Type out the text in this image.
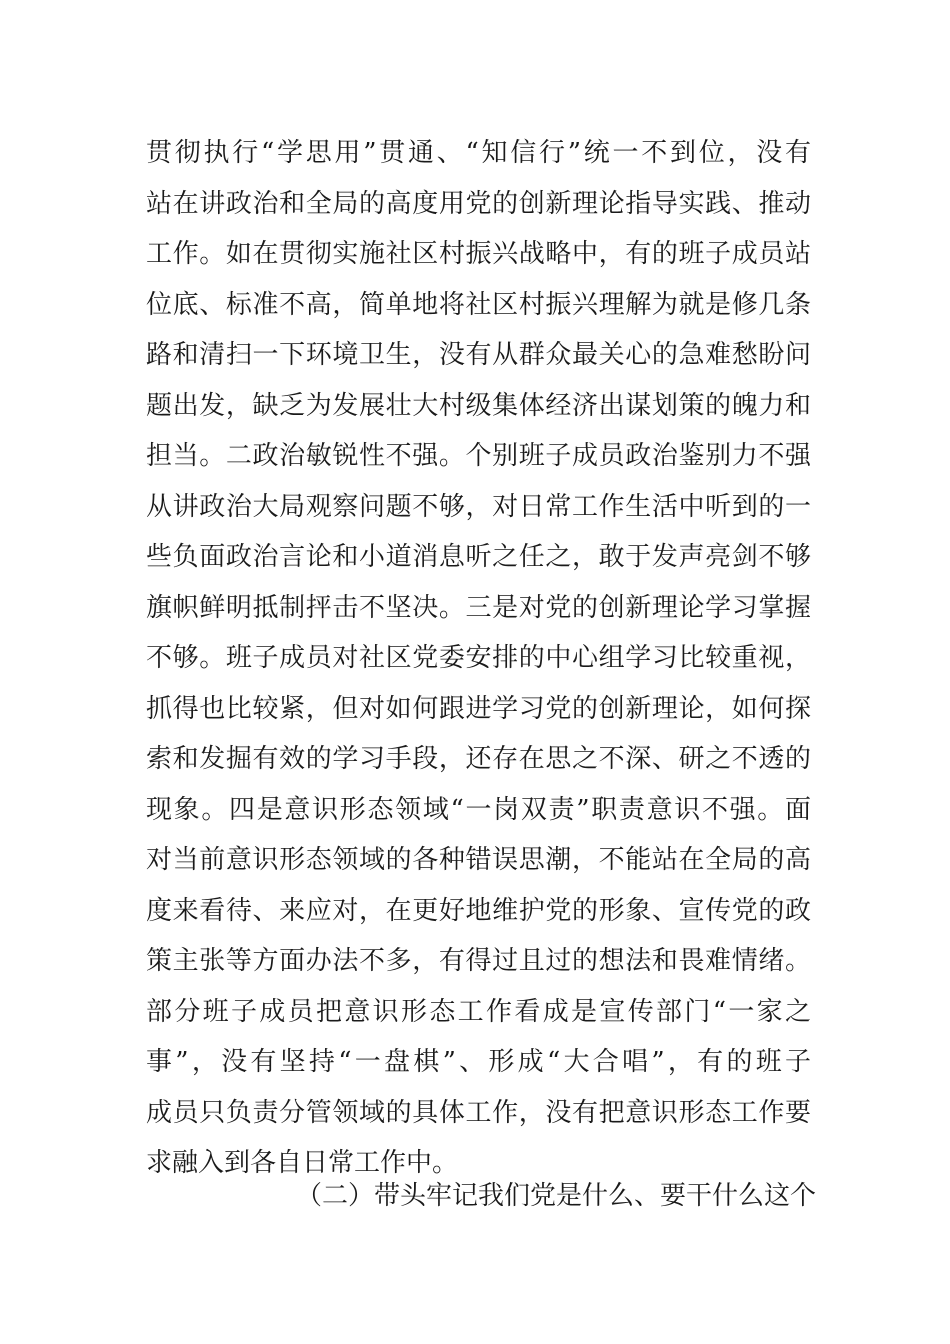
贯彻执行“学思用”贯通、“知信行”统一不到位，没有
站在讲政治和全局的高度用党的创新理论指导实践、推动
工作。如在贯彻实施社区村振兴战略中，有的班子成员站
位底、标准不高，简单地将社区村振兴理解为就是修几条
路和清扫一下环境卫生，没有从群众最关心的急难愁盼问
题出发，缺乏为发展壮大村级集体经济出谋划策的魄力和
担当。二政治敏锐性不强。个别班子成员政治鉴别力不强
从讲政治大局观察问题不够，对日常工作生活中听到的一
些负面政治言论和小道消息听之任之，敢于发声亮剑不够
旗帜鲜明抵制抨击不坚决。三是对党的创新理论学习掌握
不够。班子成员对社区党委安排的中心组学习比较重视，
抓得也比较紧，但对如何跟进学习党的创新理论，如何探
索和发掘有效的学习手段，还存在思之不深、研之不透的
现象。四是意识形态领域“一岗双责”职责意识不强。面
对当前意识形态领域的各种错误思潮，不能站在全局的高
度来看待、来应对，在更好地维护党的形象、宣传党的政
策主张等方面办法不多，有得过且过的想法和畏难情绪。
部分班子成员把意识形态工作看成是宣传部门“一家之
事”，没有坚持“一盘棋”、形成“大合唱”，有的班子
成员只负责分管领域的具体工作，没有把意识形态工作要
求融入到各自日常工作中。
（二）带头牢记我们党是什么、要干什么这个
